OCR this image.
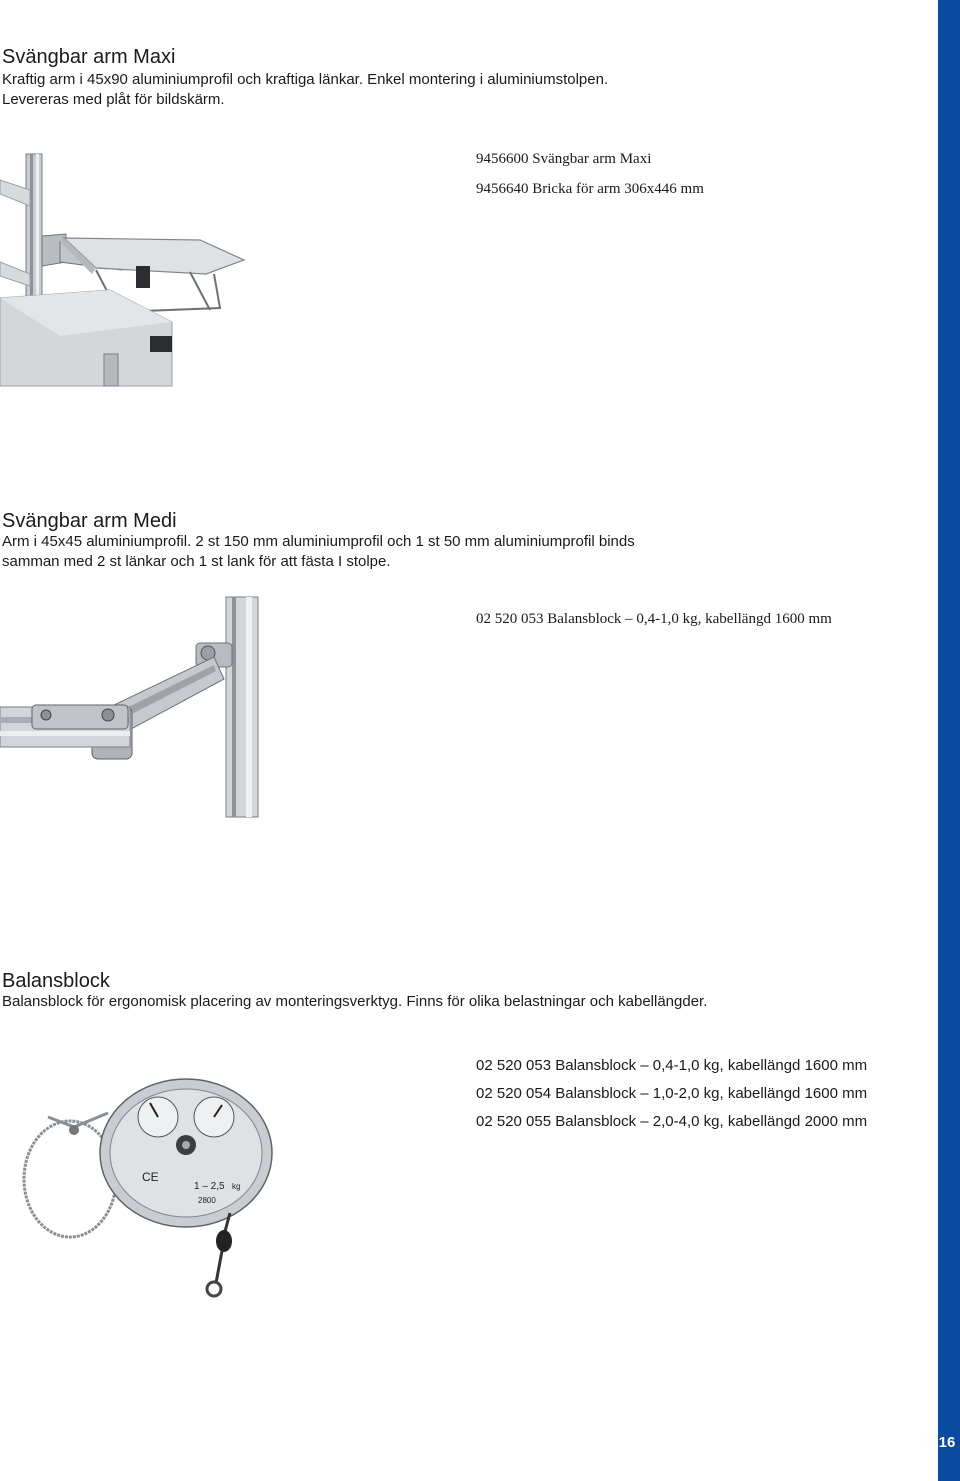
16
Svängbar arm Maxi

Kraftig arm i 45x90 aluminiumprofil och kraftiga länkar. Enkel montering i aluminiumstolpen.

Levereras med plåt för bildskärm.

9456600 Svängbar arm Maxi
9456640 Bricka för arm 306x446 mm
Svängbar arm Medi

Arm i 45x45 aluminiumprofil. 2 st 150 mm aluminiumprofil och 1 st 50 mm aluminiumprofil binds

samman med 2 st länkar och 1 st lank för att fästa I stolpe.

02 520 053 Balansblock – 0,4-1,0 kg, kabellängd 1600 mm
Balansblock

Balansblock för ergonomisk placering av monteringsverktyg. Finns för olika belastningar och kabellängder.

02 520 053 Balansblock – 0,4-1,0 kg, kabellängd 1600 mm
02 520 054 Balansblock – 1,0-2,0 kg, kabellängd 1600 mm
02 520 055 Balansblock – 2,0-4,0 kg, kabellängd 2000 mm
CE
1 – 2,5 kg
2800
